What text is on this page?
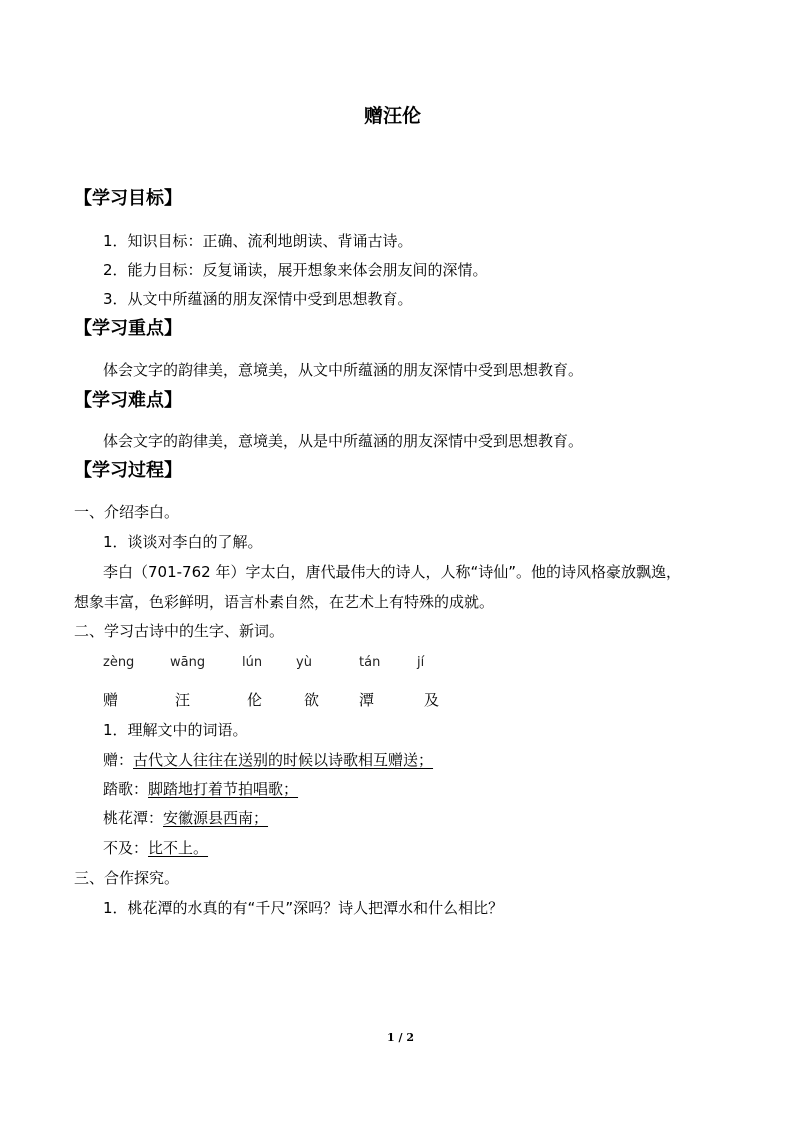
赠汪伦
【学习目标】
1．知识目标：正确、流利地朗读、背诵古诗。
2．能力目标：反复诵读，展开想象来体会朋友间的深情。
3．从文中所蕴涵的朋友深情中受到思想教育。
【学习重点】
体会文字的韵律美，意境美，从文中所蕴涵的朋友深情中受到思想教育。
【学习难点】
体会文字的韵律美，意境美，从是中所蕴涵的朋友深情中受到思想教育。
【学习过程】
一、介绍李白。
1．谈谈对李白的了解。
李白（701-762 年）字太白，唐代最伟大的诗人，人称“诗仙”。他的诗风格豪放飘逸，
想象丰富，色彩鲜明，语言朴素自然，在艺术上有特殊的成就。
二、学习古诗中的生字、新词。
zèng	wāng	lún	yù	tán	jí
赠	汪	伦	欲	潭	及
1．理解文中的词语。
赠：古代文人往往在送别的时候以诗歌相互赠送；
踏歌：脚踏地打着节拍唱歌；
桃花潭：安徽源县西南；
不及：比不上。
三、合作探究。
1．桃花潭的水真的有“千尺”深吗？诗人把潭水和什么相比？
1 / 2
